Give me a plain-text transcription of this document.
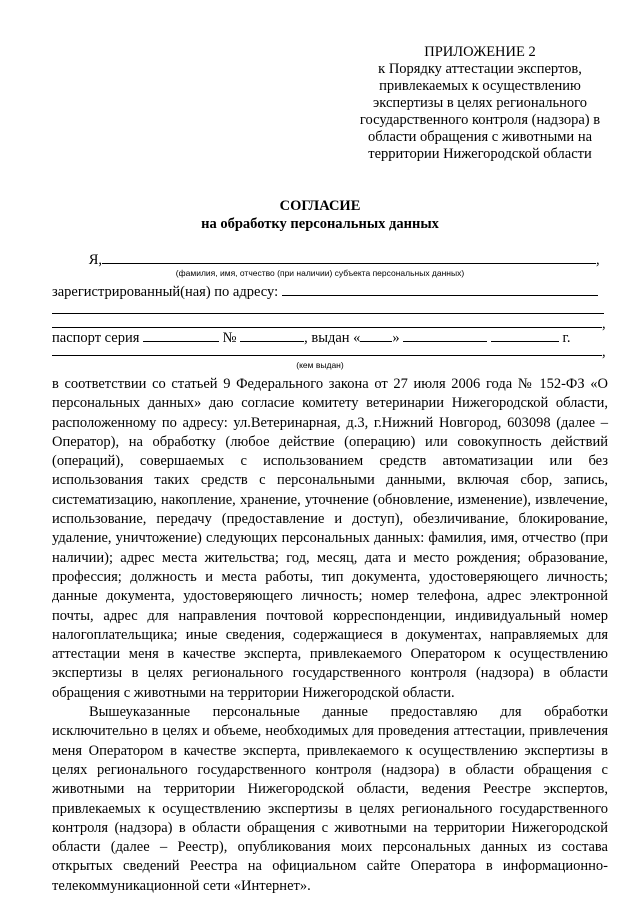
ПРИЛОЖЕНИЕ 2
к Порядку аттестации экспертов,
привлекаемых к осуществлению
экспертизы в целях регионального
государственного контроля (надзора) в
области обращения с животными на
территории Нижегородской области
СОГЛАСИЕ
на обработку персональных данных
Я,	,
(фамилия, имя, отчество (при наличии) субъекта персональных данных)
зарегистрированный(ная) по адресу:
,
паспорт серия	№	, выдан « »	г.
,
(кем выдан)

в соответствии со статьей 9 Федерального закона от 27 июля 2006 года № 152-ФЗ «О персональных данных» даю согласие комитету ветеринарии Нижегородской области, расположенному по адресу: ул.Ветеринарная, д.3, г.Нижний Новгород, 603098 (далее – Оператор), на обработку (любое действие (операцию) или совокупность действий (операций), совершаемых с использованием средств автоматизации или без использования таких средств с персональными данными, включая сбор, запись, систематизацию, накопление, хранение, уточнение (обновление, изменение), извлечение, использование, передачу (предоставление и доступ), обезличивание, блокирование, удаление, уничтожение) следующих персональных данных: фамилия, имя, отчество (при наличии); адрес места жительства; год, месяц, дата и место рождения; образование, профессия; должность и места работы, тип документа, удостоверяющего личность; данные документа, удостоверяющего личность; номер телефона, адрес электронной почты, адрес для направления почтовой корреспонденции, индивидуальный номер налогоплательщика; иные сведения, содержащиеся в документах, направляемых для аттестации меня в качестве эксперта, привлекаемого Оператором к осуществлению экспертизы в целях регионального государственного контроля (надзора) в области обращения с животными на территории Нижегородской области.

Вышеуказанные персональные данные предоставляю для обработки исключительно в целях и объеме, необходимых для проведения аттестации, привлечения меня Оператором в качестве эксперта, привлекаемого к осуществлению экспертизы в целях регионального государственного контроля (надзора) в области обращения с животными на территории Нижегородской области, ведения Реестре экспертов, привлекаемых к осуществлению экспертизы в целях регионального государственного контроля (надзора) в области обращения с животными на территории Нижегородской области (далее – Реестр), опубликования моих персональных данных из состава открытых сведений Реестра на официальном сайте Оператора в информационно-телекоммуникационной сети «Интернет».
